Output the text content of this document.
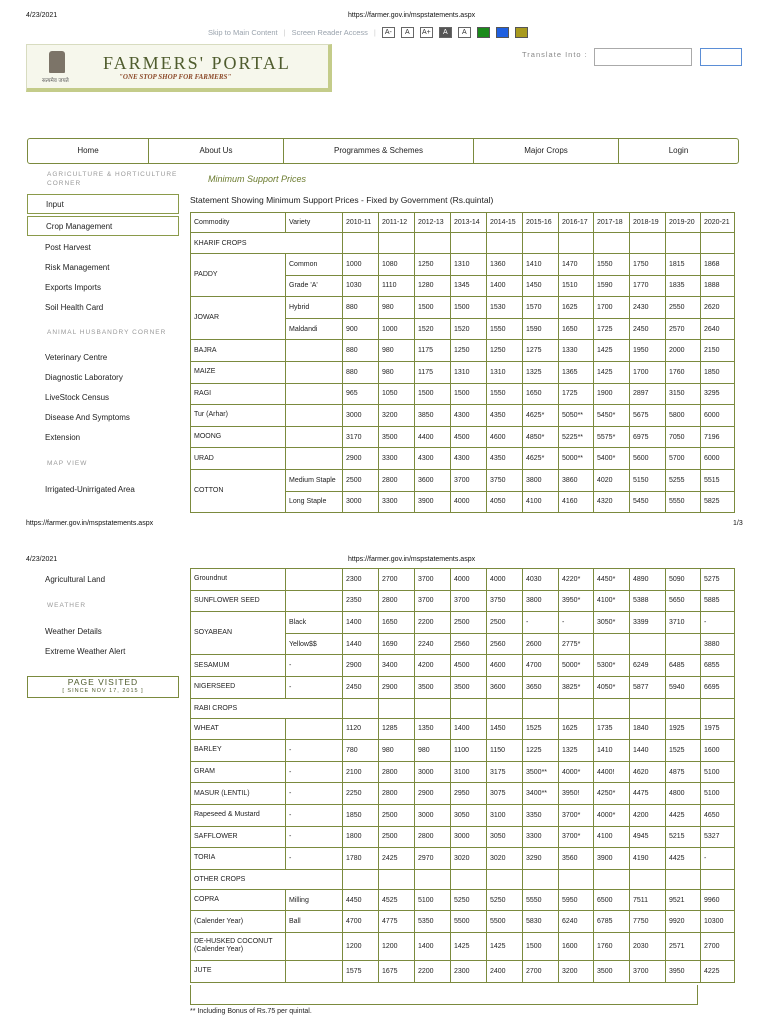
4/23/2021	https://farmer.gov.in/mspstatements.aspx
Skip to Main Content | Screen Reader Access |	A-	A	A+	A	A
सत्यमेव जयते
FARMERS' PORTAL
"ONE STOP SHOP FOR FARMERS"
Translate Into :
Home	About Us	Programmes & Schemes	Major Crops	Login
AGRICULTURE & HORTICULTURE CORNER
Input
Crop Management
Post Harvest
Risk Management
Exports Imports
Soil Health Card
ANIMAL HUSBANDRY CORNER
Veterinary Centre
Diagnostic Laboratory
LiveStock Census
Disease And Symptoms
Extension
MAP VIEW
Irrigated-Unirrigated Area
Minimum Support Prices
Statement Showing Minimum Support Prices - Fixed by Government (Rs.quintal)
Commodity	Variety	2010-11	2011-12	2012-13	2013-14	2014-15	2015-16	2016-17	2017-18	2018-19	2019-20	2020-21
KHARIF CROPS												
PADDY	Common	1000	1080	1250	1310	1360	1410	1470	1550	1750	1815	1868
	Grade 'A'	1030	1110	1280	1345	1400	1450	1510	1590	1770	1835	1888
JOWAR	Hybrid	880	980	1500	1500	1530	1570	1625	1700	2430	2550	2620
	Maldandi	900	1000	1520	1520	1550	1590	1650	1725	2450	2570	2640
BAJRA		880	980	1175	1250	1250	1275	1330	1425	1950	2000	2150
MAIZE		880	980	1175	1310	1310	1325	1365	1425	1700	1760	1850
RAGI		965	1050	1500	1500	1550	1650	1725	1900	2897	3150	3295
Tur (Arhar)		3000	3200	3850	4300	4350	4625*	5050**	5450*	5675	5800	6000
MOONG		3170	3500	4400	4500	4600	4850*	5225**	5575*	6975	7050	7196
URAD		2900	3300	4300	4300	4350	4625*	5000**	5400*	5600	5700	6000
COTTON	Medium Staple	2500	2800	3600	3700	3750	3800	3860	4020	5150	5255	5515
	Long Staple	3000	3300	3900	4000	4050	4100	4160	4320	5450	5550	5825
https://farmer.gov.in/mspstatements.aspx	1/3
4/23/2021	https://farmer.gov.in/mspstatements.aspx
Agricultural Land
WEATHER
Weather Details
Extreme Weather Alert
Groundnut		2300	2700	3700	4000	4000	4030	4220*	4450*	4890	5090	5275
SUNFLOWER SEED		2350	2800	3700	3700	3750	3800	3950*	4100*	5388	5650	5885
SOYABEAN	Black	1400	1650	2200	2500	2500	-	-	3050*	3399	3710	-
	Yellow$$	1440	1690	2240	2560	2560	2600	2775*				3880
SESAMUM	-	2900	3400	4200	4500	4600	4700	5000*	5300*	6249	6485	6855
NIGERSEED	-	2450	2900	3500	3500	3600	3650	3825*	4050*	5877	5940	6695
RABI CROPS												
WHEAT		1120	1285	1350	1400	1450	1525	1625	1735	1840	1925	1975
BARLEY	-	780	980	980	1100	1150	1225	1325	1410	1440	1525	1600
GRAM	-	2100	2800	3000	3100	3175	3500**	4000*	4400!	4620	4875	5100
MASUR (LENTIL)	-	2250	2800	2900	2950	3075	3400**	3950!	4250*	4475	4800	5100
Rapeseed & Mustard	-	1850	2500	3000	3050	3100	3350	3700*	4000*	4200	4425	4650
SAFFLOWER	-	1800	2500	2800	3000	3050	3300	3700*	4100	4945	5215	5327
TORIA	-	1780	2425	2970	3020	3020	3290	3560	3900	4190	4425	-
OTHER CROPS												
COPRA	Milling	4450	4525	5100	5250	5250	5550	5950	6500	7511	9521	9960
(Calender Year)	Ball	4700	4775	5350	5500	5500	5830	6240	6785	7750	9920	10300
DE-HUSKED COCONUT (Calender Year)		1200	1200	1400	1425	1425	1500	1600	1760	2030	2571	2700
JUTE		1575	1675	2200	2300	2400	2700	3200	3500	3700	3950	4225
PAGE VISITED
[ SINCE NOV 17, 2015 ]
** Including Bonus of Rs.75 per quintal.
